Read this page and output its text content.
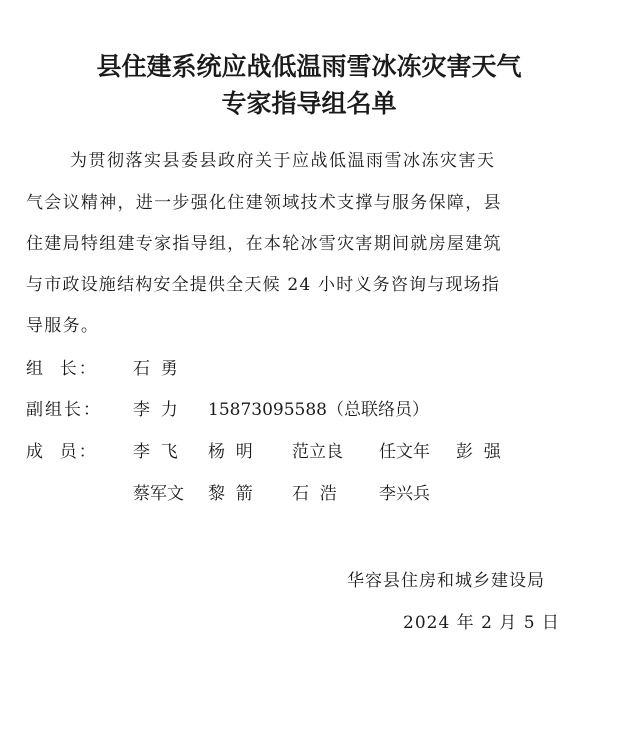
县住建系统应战低温雨雪冰冻灾害天气
专家指导组名单
为贯彻落实县委县政府关于应战低温雨雪冰冻灾害天
气会议精神，进一步强化住建领域技术支撑与服务保障，县
住建局特组建专家指导组，在本轮冰雪灾害期间就房屋建筑
与市政设施结构安全提供全天候 24 小时义务咨询与现场指
导服务。
组  长： 石  勇
副组长： 李  力 15873095588（总联络员）
成  员： 李  飞 杨  明 范立良 任文年 彭  强
蔡军文 黎  箭 石  浩 李兴兵
华容县住房和城乡建设局
2024 年 2 月 5 日
